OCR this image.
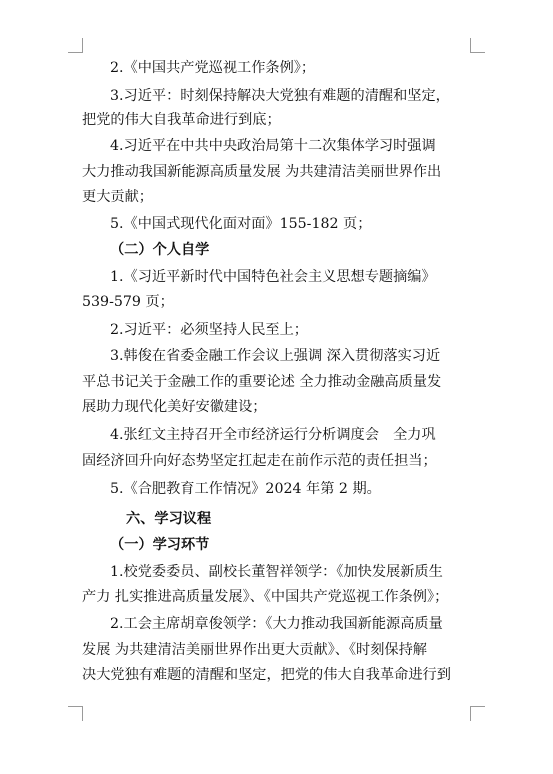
2.《中国共产党巡视工作条例》；
3.习近平：时刻保持解决大党独有难题的清醒和坚定，
把党的伟大自我革命进行到底；
4.习近平在中共中央政治局第十二次集体学习时强调
大力推动我国新能源高质量发展 为共建清洁美丽世界作出
更大贡献；
5.《中国式现代化面对面》155-182 页；
（二）个人自学
1.《习近平新时代中国特色社会主义思想专题摘编》
539-579 页；
2.习近平：必须坚持人民至上；
3.韩俊在省委金融工作会议上强调 深入贯彻落实习近
平总书记关于金融工作的重要论述 全力推动金融高质量发
展助力现代化美好安徽建设；
4.张红文主持召开全市经济运行分析调度会　全力巩
固经济回升向好态势坚定扛起走在前作示范的责任担当；
5.《合肥教育工作情况》2024 年第 2 期。
六、学习议程
（一）学习环节
1.校党委委员、副校长董智祥领学：《加快发展新质生
产力 扎实推进高质量发展》、《中国共产党巡视工作条例》；
2.工会主席胡章俊领学：《大力推动我国新能源高质量
发展 为共建清洁美丽世界作出更大贡献》、《时刻保持解
决大党独有难题的清醒和坚定，把党的伟大自我革命进行到
